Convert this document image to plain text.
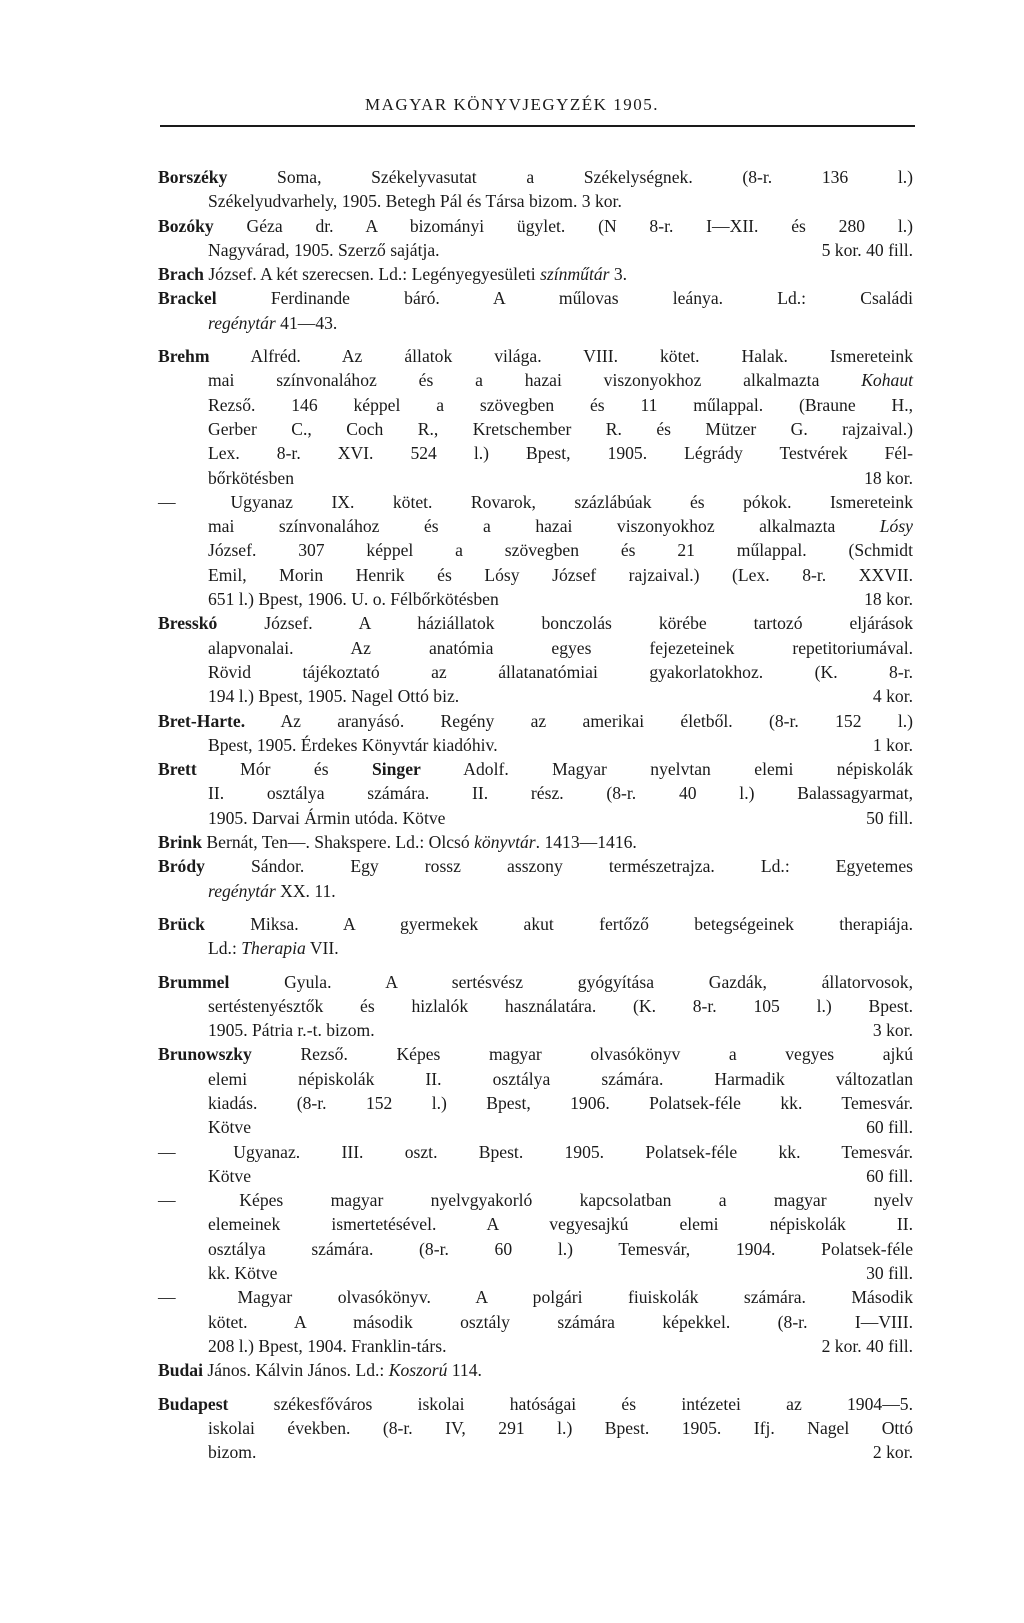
MAGYAR KÖNYVJEGYZÉK 1905.
Borszéky Soma, Székelyvasutat a Székelységnek. (8-r. 136 l.)
Székelyudvarhely, 1905. Betegh Pál és Társa bizom. 3 kor.
Bozóky Géza dr. A bizományi ügylet. (N 8-r. I—XII. és 280 l.)
Nagyvárad, 1905. Szerző sajátja.	5 kor. 40 fill.
Brach József. A két szerecsen. Ld.: Legényegyesületi színműtár 3.
Brackel Ferdinande báró. A műlovas leánya. Ld.: Családi
regénytár 41—43.
Brehm Alfréd. Az állatok világa. VIII. kötet. Halak. Ismereteink
mai színvonalához és a hazai viszonyokhoz alkalmazta Kohaut
Rezső. 146 képpel a szövegben és 11 műlappal. (Braune H.,
Gerber C., Coch R., Kretschember R. és Mützer G. rajzaival.)
Lex. 8-r. XVI. 524 l.) Bpest, 1905. Légrády Testvérek Fél-
bőrkötésben	18 kor.
— Ugyanaz IX. kötet. Rovarok, százlábúak és pókok. Ismereteink
mai színvonalához és a hazai viszonyokhoz alkalmazta Lósy
József. 307 képpel a szövegben és 21 műlappal. (Schmidt
Emil, Morin Henrik és Lósy József rajzaival.) (Lex. 8-r. XXVII.
651 l.) Bpest, 1906. U. o. Félbőrkötésben	18 kor.
Bresskó József. A háziállatok bonczolás körébe tartozó eljárások
alapvonalai. Az anatómia egyes fejezeteinek repetitoriumával.
Rövid tájékoztató az állatanatómiai gyakorlatokhoz. (K. 8-r.
194 l.) Bpest, 1905. Nagel Ottó biz.	4 kor.
Bret-Harte. Az aranyásó. Regény az amerikai életből. (8-r. 152 l.)
Bpest, 1905. Érdekes Könyvtár kiadóhiv.	1 kor.
Brett Mór és Singer Adolf. Magyar nyelvtan elemi népiskolák
II. osztálya számára. II. rész. (8-r. 40 l.) Balassagyarmat,
1905. Darvai Ármin utóda. Kötve	50 fill.
Brink Bernát, Ten—. Shakspere. Ld.: Olcsó könyvtár. 1413—1416.
Bródy Sándor. Egy rossz asszony természetrajza. Ld.: Egyetemes
regénytár XX. 11.
Brück Miksa. A gyermekek akut fertőző betegségeinek therapiája.
Ld.: Therapia VII.
Brummel Gyula. A sertésvész gyógyítása Gazdák, állatorvosok,
sertéstenyésztők és hizlalók használatára. (K. 8-r. 105 l.) Bpest.
1905. Pátria r.-t. bizom.	3 kor.
Brunowszky Rezső. Képes magyar olvasókönyv a vegyes ajkú
elemi népiskolák II. osztálya számára. Harmadik változatlan
kiadás. (8-r. 152 l.) Bpest, 1906. Polatsek-féle kk. Temesvár.
Kötve	60 fill.
— Ugyanaz. III. oszt. Bpest. 1905. Polatsek-féle kk. Temesvár.
Kötve	60 fill.
— Képes magyar nyelvgyakorló kapcsolatban a magyar nyelv
elemeinek ismertetésével. A vegyesajkú elemi népiskolák II.
osztálya számára. (8-r. 60 l.) Temesvár, 1904. Polatsek-féle
kk. Kötve	30 fill.
— Magyar olvasókönyv. A polgári fiuiskolák számára. Második
kötet. A második osztály számára képekkel. (8-r. I—VIII.
208 l.) Bpest, 1904. Franklin-társ.	2 kor. 40 fill.
Budai János. Kálvin János. Ld.: Koszorú 114.
Budapest székesfőváros iskolai hatóságai és intézetei az 1904—5.
iskolai években. (8-r. IV, 291 l.) Bpest. 1905. Ifj. Nagel Ottó
bizom.	2 kor.
